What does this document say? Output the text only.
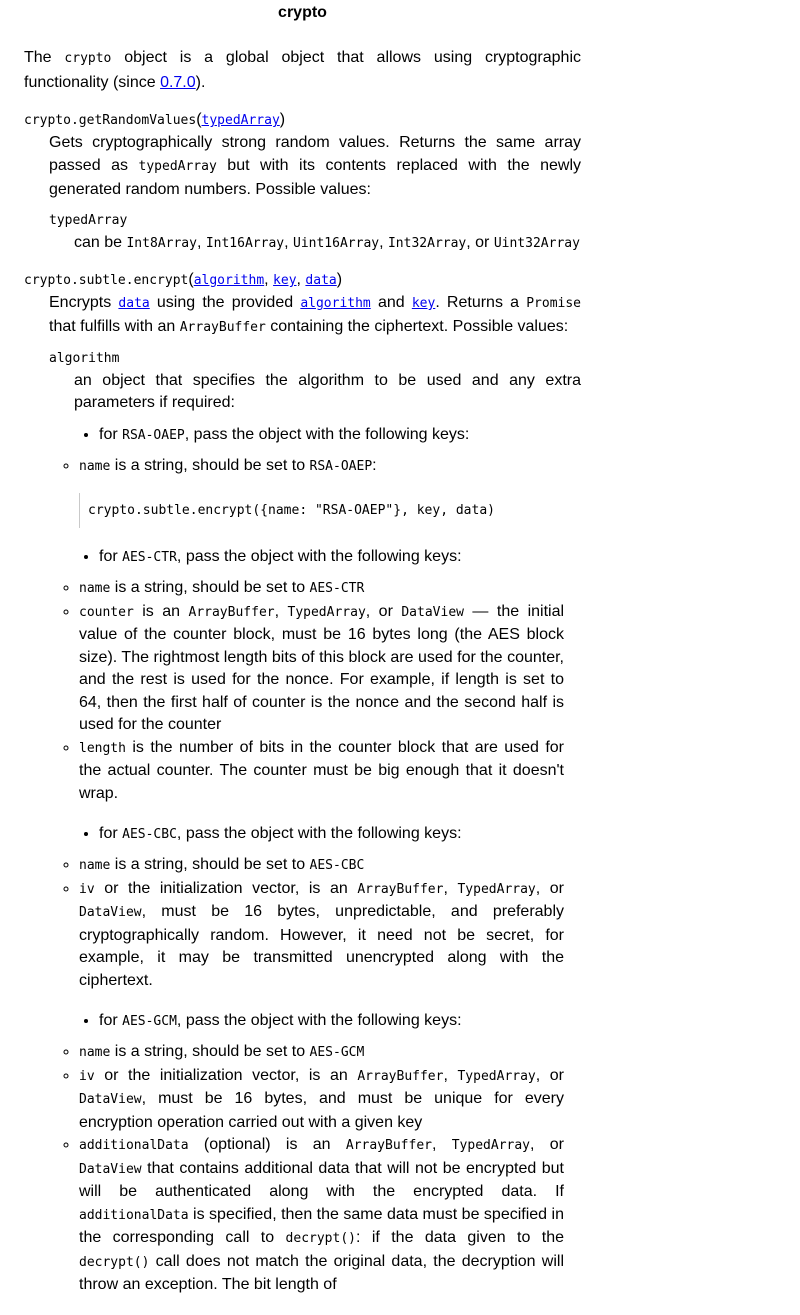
crypto

The crypto object is a global object that allows using cryptographic functionality (since 0.7.0).

crypto.getRandomValues(typedArray)

Gets cryptographically strong random values. Returns the same array passed as typedArray but with its contents replaced with the newly generated random numbers. Possible values:

typedArray
can be Int8Array, Int16Array, Uint16Array, Int32Array, or Uint32Array
crypto.subtle.encrypt(algorithm, key, data)

Encrypts data using the provided algorithm and key. Returns a Promise that fulfills with an ArrayBuffer containing the ciphertext. Possible values:

algorithm

an object that specifies the algorithm to be used and any extra parameters if required:

• for RSA-OAEP, pass the object with the following keys:
◦ name is a string, should be set to RSA-OAEP:
crypto.subtle.encrypt({name: "RSA-OAEP"}, key, data)
• for AES-CTR, pass the object with the following keys:
◦ name is a string, should be set to AES-CTR
◦ counter is an ArrayBuffer, TypedArray, or DataView — the initial value of the counter block, must be 16 bytes long (the AES block size). The rightmost length bits of this block are used for the counter, and the rest is used for the nonce. For example, if length is set to 64, then the first half of counter is the nonce and the second half is used for the counter
◦ length is the number of bits in the counter block that are used for the actual counter. The counter must be big enough that it doesn't wrap.
• for AES-CBC, pass the object with the following keys:
◦ name is a string, should be set to AES-CBC
◦ iv or the initialization vector, is an ArrayBuffer, TypedArray, or DataView, must be 16 bytes, unpredictable, and preferably cryptographically random. However, it need not be secret, for example, it may be transmitted unencrypted along with the ciphertext.
• for AES-GCM, pass the object with the following keys:
◦ name is a string, should be set to AES-GCM
◦ iv or the initialization vector, is an ArrayBuffer, TypedArray, or DataView, must be 16 bytes, and must be unique for every encryption operation carried out with a given key
◦ additionalData (optional) is an ArrayBuffer, TypedArray, or DataView that contains additional data that will not be encrypted but will be authenticated along with the encrypted data. If additionalData is specified, then the same data must be specified in the corresponding call to decrypt(): if the data given to the decrypt() call does not match the original data, the decryption will throw an exception. The bit length of
